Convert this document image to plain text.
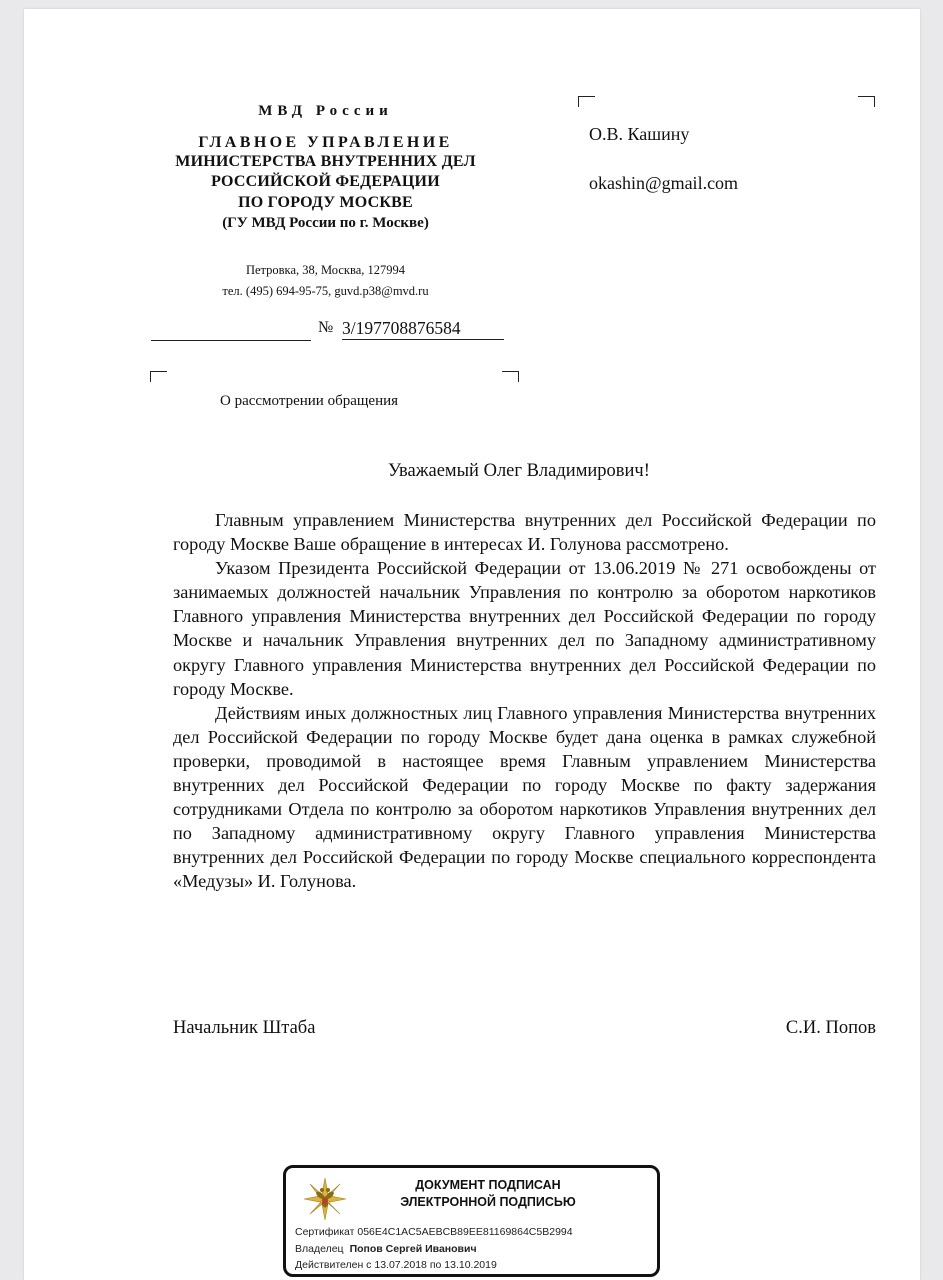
МВД России
ГЛАВНОЕ УПРАВЛЕНИЕ
МИНИСТЕРСТВА ВНУТРЕННИХ ДЕЛ
РОССИЙСКОЙ ФЕДЕРАЦИИ
ПО ГОРОДУ МОСКВЕ
(ГУ МВД России по г. Москве)
Петровка, 38, Москва, 127994
тел. (495) 694-95-75, guvd.p38@mvd.ru
№ 3/197708876584
О рассмотрении обращения
О.В. Кашину
okashin@gmail.com
Уважаемый Олег Владимирович!

Главным управлением Министерства внутренних дел Российской Федерации по городу Москве Ваше обращение в интересах И. Голунова рассмотрено.

Указом Президента Российской Федерации от 13.06.2019 № 271 освобождены от занимаемых должностей начальник Управления по контролю за оборотом наркотиков Главного управления Министерства внутренних дел Российской Федерации по городу Москве и начальник Управления внутренних дел по Западному административному округу Главного управления Министерства внутренних дел Российской Федерации по городу Москве.

Действиям иных должностных лиц Главного управления Министерства внутренних дел Российской Федерации по городу Москве будет дана оценка в рамках служебной проверки, проводимой в настоящее время Главным управлением Министерства внутренних дел Российской Федерации по городу Москве по факту задержания сотрудниками Отдела по контролю за оборотом наркотиков Управления внутренних дел по Западному административному округу Главного управления Министерства внутренних дел Российской Федерации по городу Москве специального корреспондента «Медузы» И. Голунова.

Начальник Штаба	С.И. Попов
ДОКУМЕНТ ПОДПИСАН
ЭЛЕКТРОННОЙ ПОДПИСЬЮ
Сертификат 056E4C1AC5AEBCB89EE81169864C5B2994
Владелец Попов Сергей Иванович
Действителен с 13.07.2018 по 13.10.2019
